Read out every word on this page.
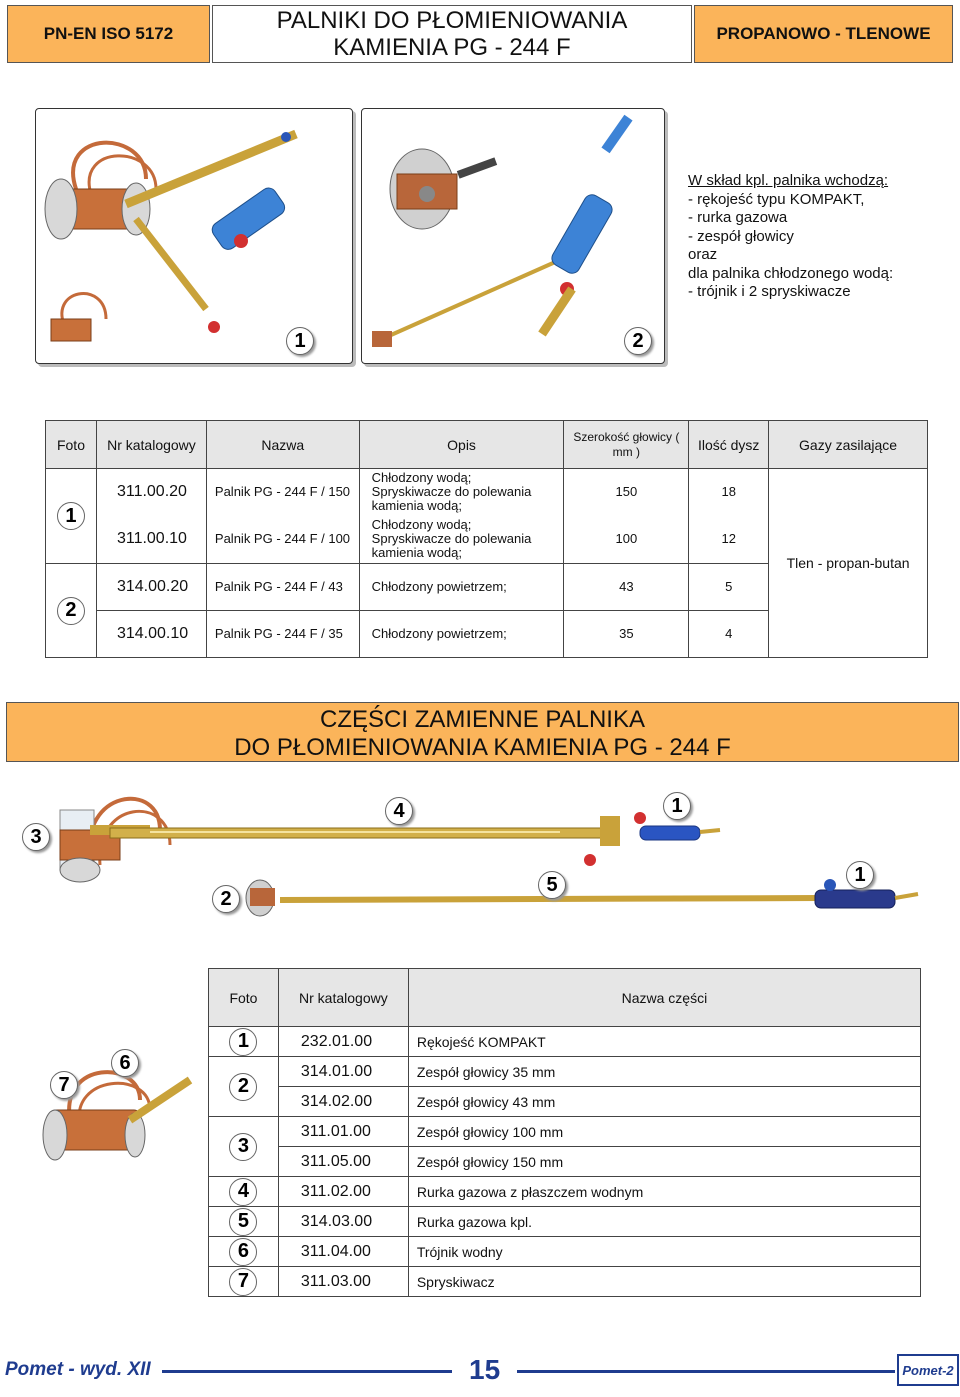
PN-EN ISO 5172	PALNIKI DO PŁOMIENIOWANIA
KAMIENIA PG - 244 F
PROPANOWO - TLENOWE
1	2
W skład kpl. palnika wchodzą:
- rękojeść typu KOMPAKT,
- rurka gazowa
- zespół głowicy
oraz
dla palnika chłodzonego wodą:
- trójnik i 2 spryskiwacze
Foto	Nr katalogowy	Nazwa	Opis	Szerokość głowicy ( mm )	Ilość dysz	Gazy zasilające

1	311.00.20	Palnik PG - 244 F / 150	Chłodzony wodą;
Spryskiwacze do polewania
kamienia wodą;	150	18	Tlen - propan-butan
	311.00.10	Palnik PG - 244 F / 100	Chłodzony wodą;
Spryskiwacze do polewania
kamienia wodą;	100	12	

2	314.00.20	Palnik PG - 244 F / 43	Chłodzony powietrzem;	43	5	
	314.00.10	Palnik PG - 244 F / 35	Chłodzony powietrzem;	35	4	
CZĘŚCI ZAMIENNE PALNIKA
DO PŁOMIENIOWANIA KAMIENIA PG - 244 F
3
4	1
2
5	1
7
6
Foto	Nr katalogowy	Nazwa części

1	232.01.00	Rękojeść KOMPAKT

2	314.01.00	Zespół głowicy 35 mm
	314.02.00	Zespół głowicy 43 mm

3	311.01.00	Zespół głowicy 100 mm
	311.05.00	Zespół głowicy 150 mm

4	311.02.00	Rurka gazowa z płaszczem wodnym

5	314.03.00	Rurka gazowa kpl.

6	311.04.00	Trójnik wodny

7	311.03.00	Spryskiwacz
Pomet - wyd. XII	15	Pomet-2
